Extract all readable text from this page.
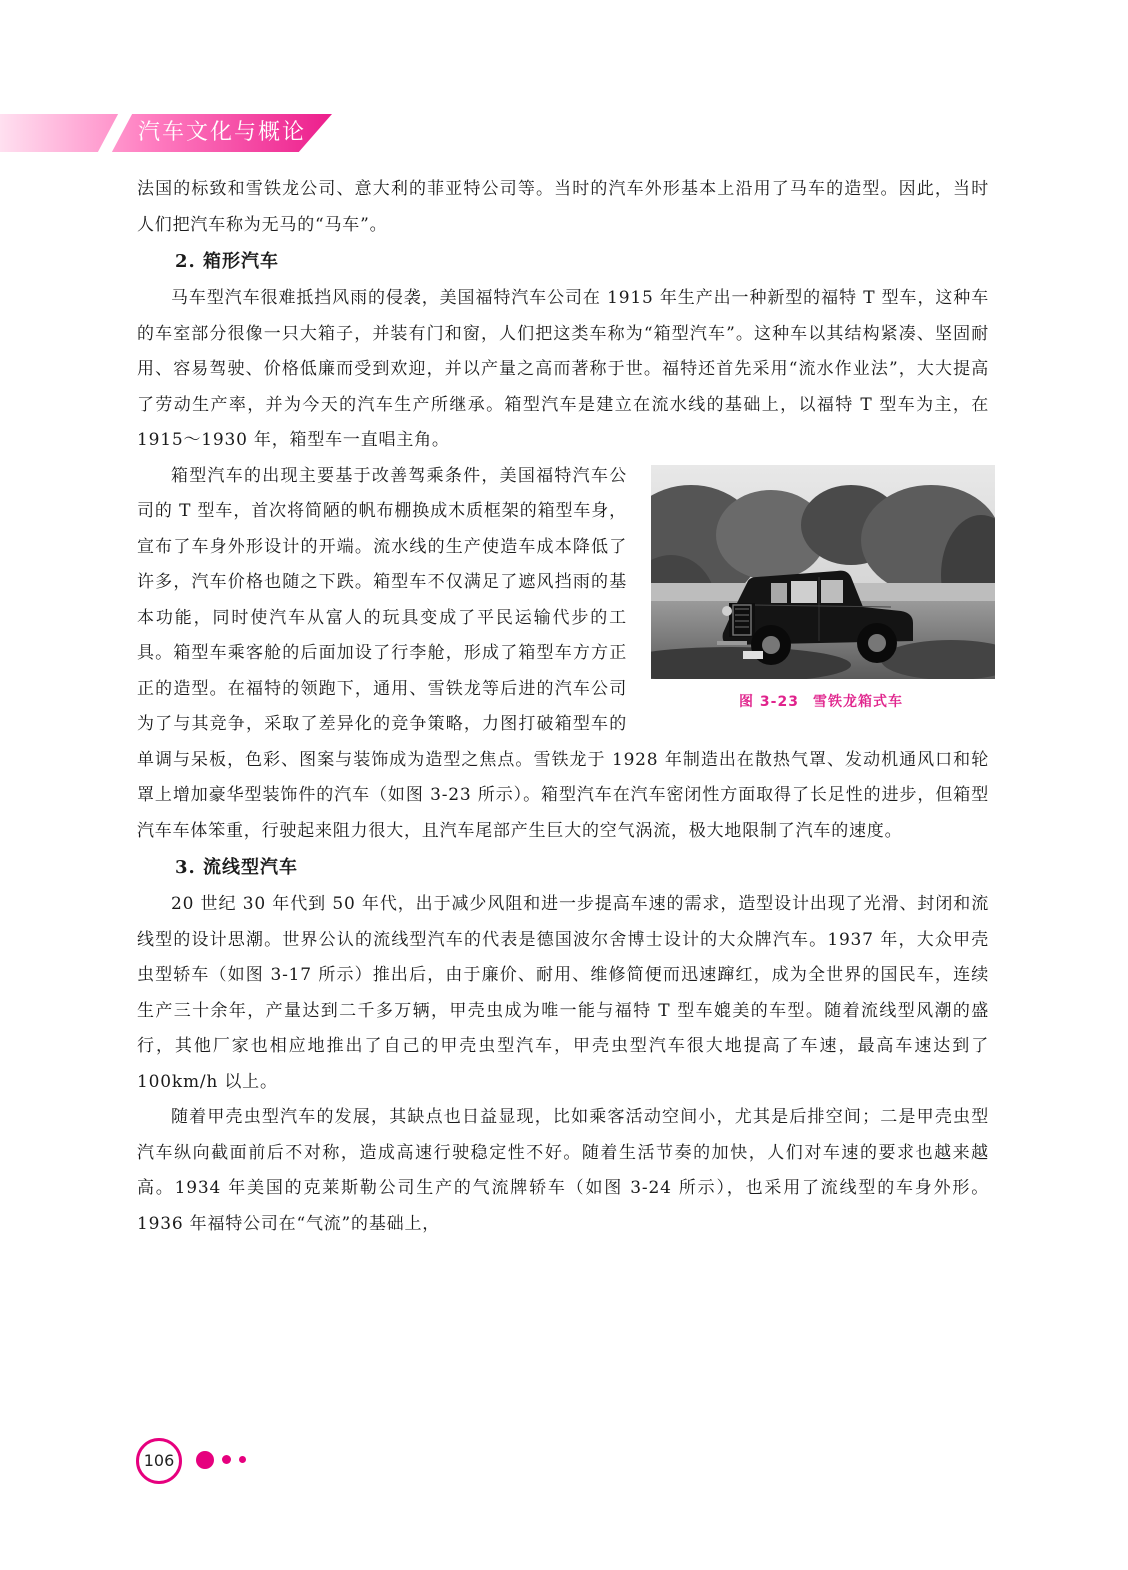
汽车文化与概论

法国的标致和雪铁龙公司、意大利的菲亚特公司等。当时的汽车外形基本上沿用了马车的造型。因此，当时人们把汽车称为无马的“马车”。

2. 箱形汽车

马车型汽车很难抵挡风雨的侵袭，美国福特汽车公司在 1915 年生产出一种新型的福特 T 型车，这种车的车室部分很像一只大箱子，并装有门和窗，人们把这类车称为“箱型汽车”。这种车以其结构紧凑、坚固耐用、容易驾驶、价格低廉而受到欢迎，并以产量之高而著称于世。福特还首先采用“流水作业法”，大大提高了劳动生产率，并为今天的汽车生产所继承。箱型汽车是建立在流水线的基础上，以福特 T 型车为主，在 1915～1930 年，箱型车一直唱主角。

图 3-23 雪铁龙箱式车

箱型汽车的出现主要基于改善驾乘条件，美国福特汽车公司的 T 型车，首次将简陋的帆布棚换成木质框架的箱型车身，宣布了车身外形设计的开端。流水线的生产使造车成本降低了许多，汽车价格也随之下跌。箱型车不仅满足了遮风挡雨的基本功能，同时使汽车从富人的玩具变成了平民运输代步的工具。箱型车乘客舱的后面加设了行李舱，形成了箱型车方方正正的造型。在福特的领跑下，通用、雪铁龙等后进的汽车公司为了与其竞争，采取了差异化的竞争策略，力图打破箱型车的单调与呆板，色彩、图案与装饰成为造型之焦点。雪铁龙于 1928 年制造出在散热气罩、发动机通风口和轮罩上增加豪华型装饰件的汽车（如图 3-23 所示）。箱型汽车在汽车密闭性方面取得了长足性的进步，但箱型汽车车体笨重，行驶起来阻力很大，且汽车尾部产生巨大的空气涡流，极大地限制了汽车的速度。

3. 流线型汽车

20 世纪 30 年代到 50 年代，出于减少风阻和进一步提高车速的需求，造型设计出现了光滑、封闭和流线型的设计思潮。世界公认的流线型汽车的代表是德国波尔舍博士设计的大众牌汽车。1937 年，大众甲壳虫型轿车（如图 3-17 所示）推出后，由于廉价、耐用、维修简便而迅速蹿红，成为全世界的国民车，连续生产三十余年，产量达到二千多万辆，甲壳虫成为唯一能与福特 T 型车媲美的车型。随着流线型风潮的盛行，其他厂家也相应地推出了自己的甲壳虫型汽车，甲壳虫型汽车很大地提高了车速，最高车速达到了 100km/h 以上。

随着甲壳虫型汽车的发展，其缺点也日益显现，比如乘客活动空间小，尤其是后排空间；二是甲壳虫型汽车纵向截面前后不对称，造成高速行驶稳定性不好。随着生活节奏的加快，人们对车速的要求也越来越高。1934 年美国的克莱斯勒公司生产的气流牌轿车（如图 3-24 所示），也采用了流线型的车身外形。1936 年福特公司在“气流”的基础上，

106
